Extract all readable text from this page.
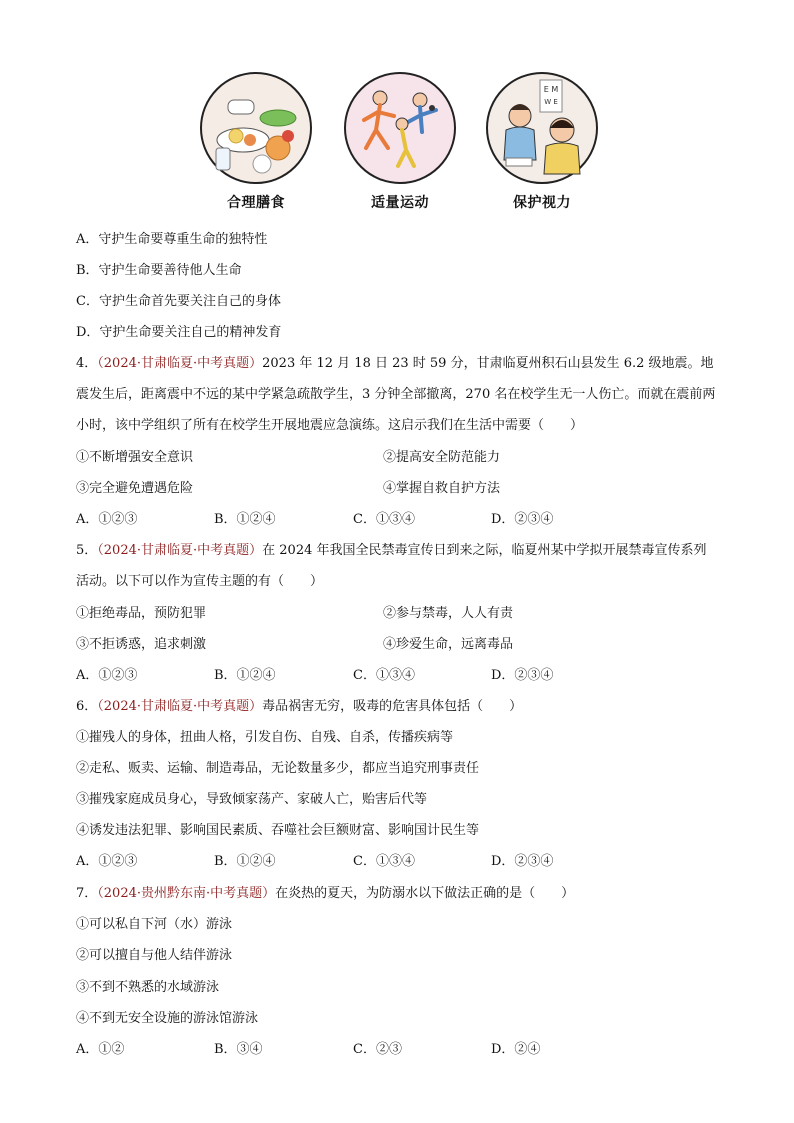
合理膳食	适量运动
E M
W E
保护视力
A．守护生命要尊重生命的独特性
B．守护生命要善待他人生命
C．守护生命首先要关注自己的身体
D．守护生命要关注自己的精神发育
4．（2024·甘肃临夏·中考真题）2023 年 12 月 18 日 23 时 59 分，甘肃临夏州积石山县发生 6.2 级地震。地震发生后，距离震中不远的某中学紧急疏散学生，3 分钟全部撤离，270 名在校学生无一人伤亡。而就在震前两小时，该中学组织了所有在校学生开展地震应急演练。这启示我们在生活中需要（　　）
①不断增强安全意识	②提高安全防范能力
③完全避免遭遇危险	④掌握自救自护方法
A．①②③	B．①②④	C．①③④	D．②③④
5．（2024·甘肃临夏·中考真题）在 2024 年我国全民禁毒宣传日到来之际，临夏州某中学拟开展禁毒宣传系列活动。以下可以作为宣传主题的有（　　）
①拒绝毒品，预防犯罪	②参与禁毒，人人有责
③不拒诱惑，追求刺激	④珍爱生命，远离毒品
A．①②③	B．①②④	C．①③④	D．②③④
6．（2024·甘肃临夏·中考真题）毒品祸害无穷，吸毒的危害具体包括（　　）
①摧残人的身体，扭曲人格，引发自伤、自残、自杀，传播疾病等
②走私、贩卖、运输、制造毒品，无论数量多少，都应当追究刑事责任
③摧残家庭成员身心，导致倾家荡产、家破人亡，贻害后代等
④诱发违法犯罪、影响国民素质、吞噬社会巨额财富、影响国计民生等
A．①②③	B．①②④	C．①③④	D．②③④
7．（2024·贵州黔东南·中考真题）在炎热的夏天，为防溺水以下做法正确的是（　　）
①可以私自下河（水）游泳
②可以擅自与他人结伴游泳
③不到不熟悉的水域游泳
④不到无安全设施的游泳馆游泳
A．①②	B．③④	C．②③	D．②④
